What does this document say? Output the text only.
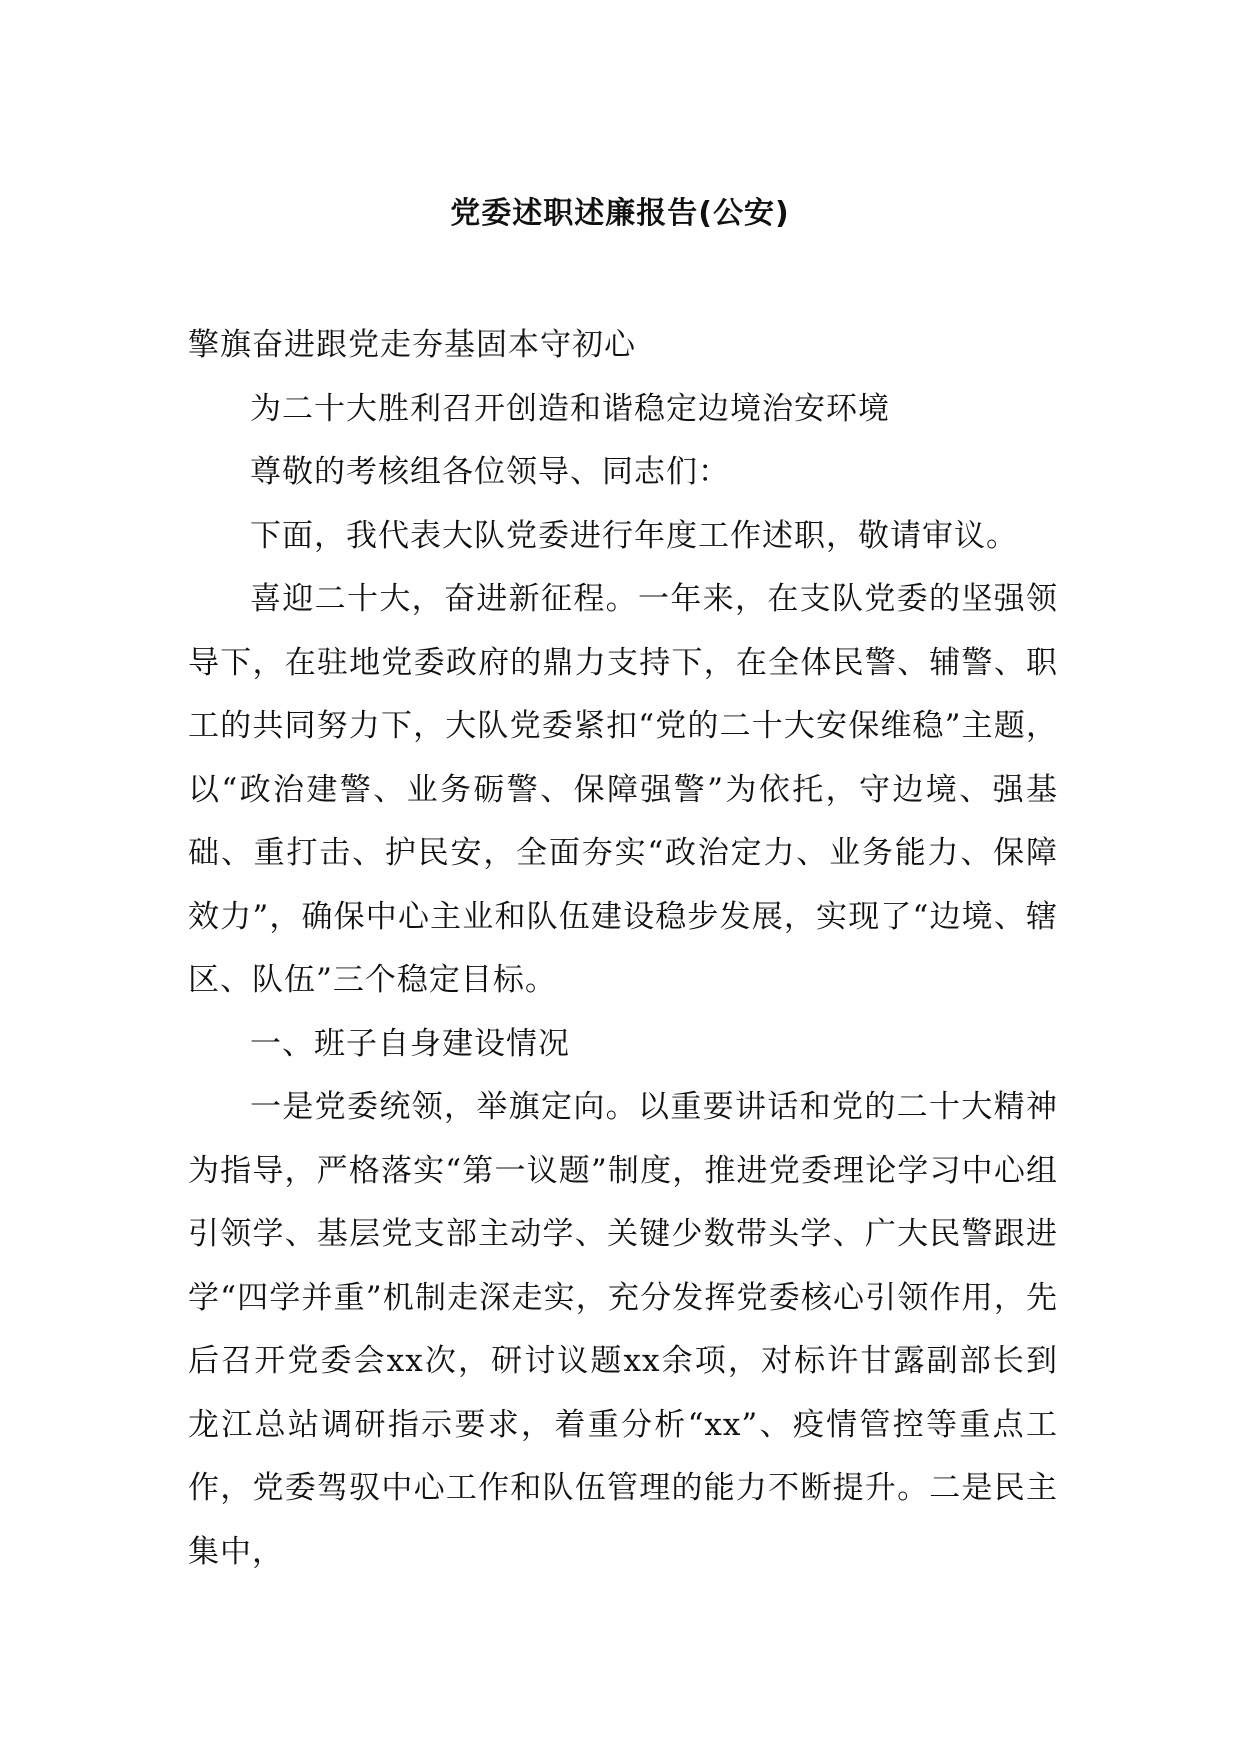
党委述职述廉报告(公安)

擎旗奋进跟党走夯基固本守初心

为二十大胜利召开创造和谐稳定边境治安环境

尊敬的考核组各位领导、同志们：

下面，我代表大队党委进行年度工作述职，敬请审议。

喜迎二十大，奋进新征程。一年来，在支队党委的坚强领导下，在驻地党委政府的鼎力支持下，在全体民警、辅警、职工的共同努力下，大队党委紧扣“党的二十大安保维稳”主题，以“政治建警、业务砺警、保障强警”为依托，守边境、强基础、重打击、护民安，全面夯实“政治定力、业务能力、保障效力”，确保中心主业和队伍建设稳步发展，实现了“边境、辖区、队伍”三个稳定目标。

一、班子自身建设情况

一是党委统领，举旗定向。以重要讲话和党的二十大精神为指导，严格落实“第一议题”制度，推进党委理论学习中心组引领学、基层党支部主动学、关键少数带头学、广大民警跟进学“四学并重”机制走深走实，充分发挥党委核心引领作用，先后召开党委会xx次，研讨议题xx余项，对标许甘露副部长到龙江总站调研指示要求，着重分析“xx”、疫情管控等重点工作，党委驾驭中心工作和队伍管理的能力不断提升。二是民主集中，
